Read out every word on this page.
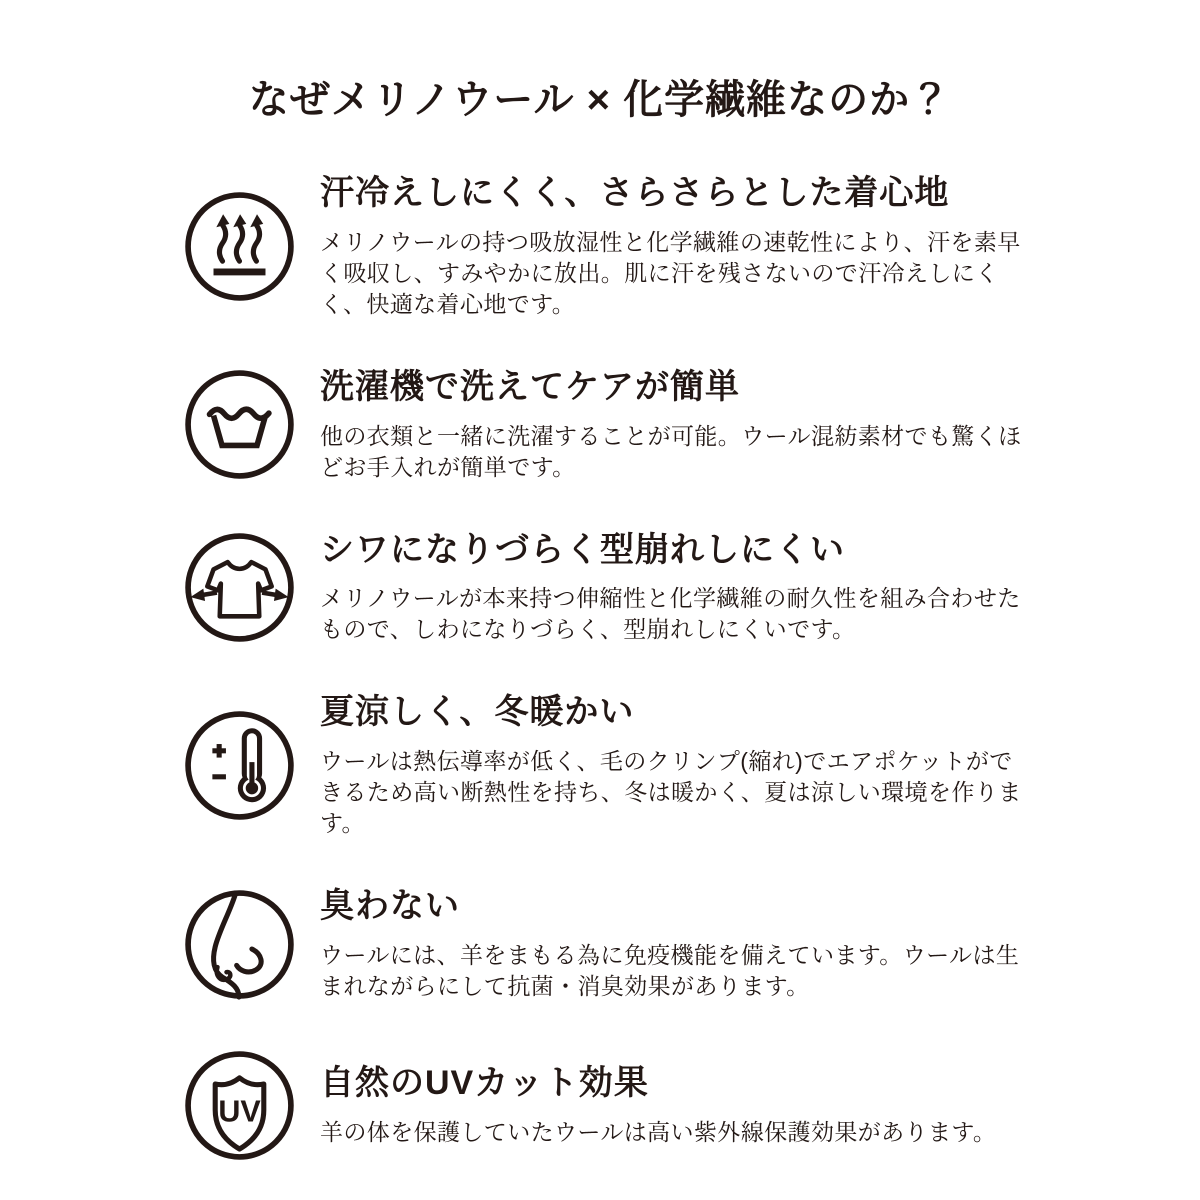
なぜメリノウール × 化学繊維なのか？
汗冷えしにくく、さらさらとした着心地

メリノウールの持つ吸放湿性と化学繊維の速乾性により、汗を素早く吸収し、すみやかに放出。肌に汗を残さないので汗冷えしにくく、快適な着心地です。

洗濯機で洗えてケアが簡単

他の衣類と一緒に洗濯することが可能。ウール混紡素材でも驚くほどお手入れが簡単です。

シワになりづらく型崩れしにくい

メリノウールが本来持つ伸縮性と化学繊維の耐久性を組み合わせたもので、しわになりづらく、型崩れしにくいです。

夏涼しく、冬暖かい

ウールは熱伝導率が低く、毛のクリンプ(縮れ)でエアポケットができるため高い断熱性を持ち、冬は暖かく、夏は涼しい環境を作ります。

臭わない

ウールには、羊をまもる為に免疫機能を備えています。ウールは生まれながらにして抗菌・消臭効果があります。

UV
自然のUVカット効果

羊の体を保護していたウールは高い紫外線保護効果があります。
